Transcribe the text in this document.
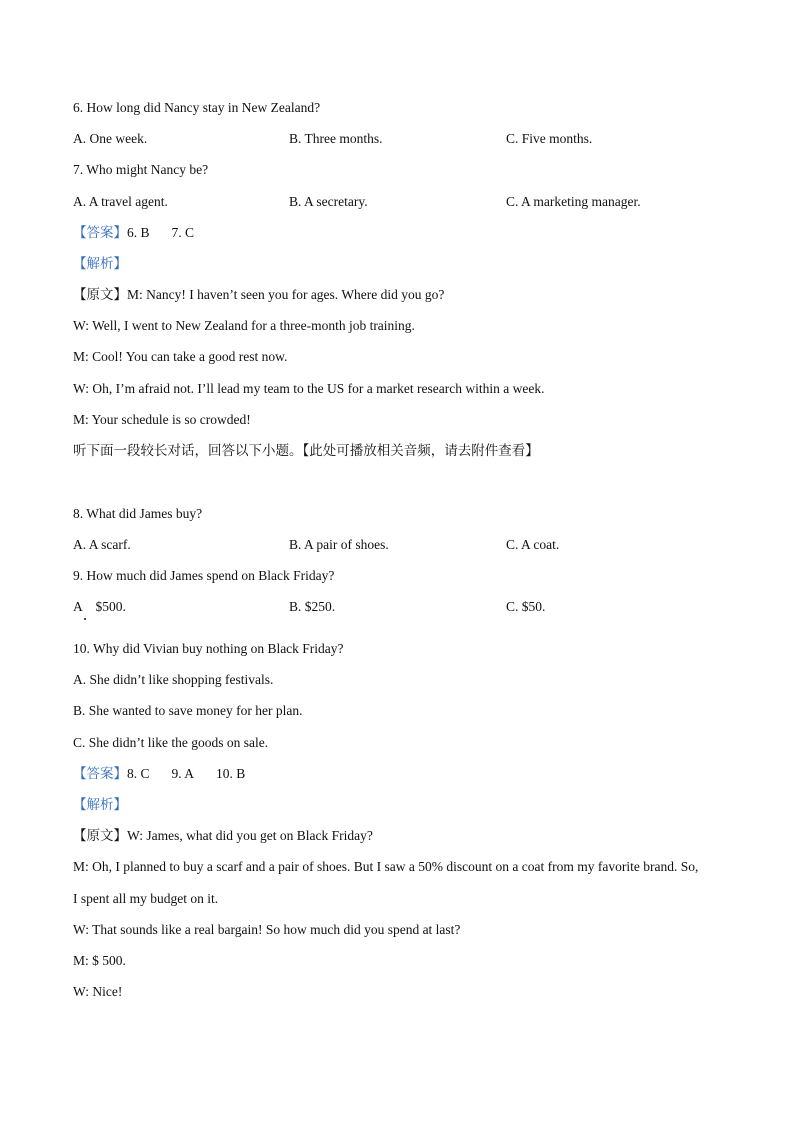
6. How long did Nancy stay in New Zealand?
A. One week.	B. Three months.	C. Five months.
7. Who might Nancy be?
A. A travel agent.	B. A secretary.	C. A marketing manager.
【答案】6. B 7. C
【解析】
【原文】M: Nancy! I haven’t seen you for ages. Where did you go?
W: Well, I went to New Zealand for a three-month job training.
M: Cool! You can take a good rest now.
W: Oh, I’m afraid not. I’ll lead my team to the US for a market research within a week.
M: Your schedule is so crowded!
听下面一段较长对话，回答以下小题。【此处可播放相关音频，请去附件查看】
8. What did James buy?
A. A scarf.	B. A pair of shoes.	C. A coat.
9. How much did James spend on Black Friday?
A　$500.	B. $250.	C. $50.
10. Why did Vivian buy nothing on Black Friday?
A. She didn’t like shopping festivals.
B. She wanted to save money for her plan.
C. She didn’t like the goods on sale.
【答案】8. C 9. A 10. B
【解析】
【原文】W: James, what did you get on Black Friday?
M: Oh, I planned to buy a scarf and a pair of shoes. But I saw a 50% discount on a coat from my favorite brand. So,
I spent all my budget on it.
W: That sounds like a real bargain! So how much did you spend at last?
M: $ 500.
W: Nice!
